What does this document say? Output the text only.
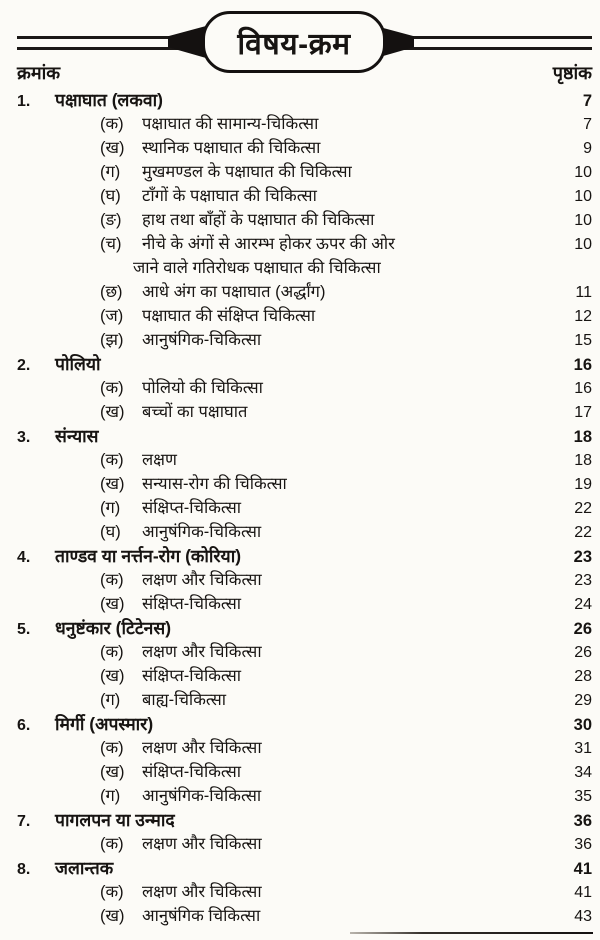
विषय-क्रम
क्रमांक	पृष्ठांक
1.	पक्षाघात (लकवा)	7
(क)	पक्षाघात की सामान्य-चिकित्सा	7
(ख)	स्थानिक पक्षाघात की चिकित्सा	9
(ग)	मुखमण्डल के पक्षाघात की चिकित्सा	10
(घ)	टाँगों के पक्षाघात की चिकित्सा	10
(ङ)	हाथ तथा बाँहों के पक्षाघात की चिकित्सा	10
(च)	नीचे के अंगों से आरम्भ होकर ऊपर की ओर	10
जाने वाले गतिरोधक पक्षाघात की चिकित्सा
(छ)	आधे अंग का पक्षाघात (अर्द्धांग)	11
(ज)	पक्षाघात की संक्षिप्त चिकित्सा	12
(झ)	आनुषंगिक-चिकित्सा	15
2.	पोलियो	16
(क)	पोलियो की चिकित्सा	16
(ख)	बच्चों का पक्षाघात	17
3.	संन्यास	18
(क)	लक्षण	18
(ख)	सन्यास-रोग की चिकित्सा	19
(ग)	संक्षिप्त-चिकित्सा	22
(घ)	आनुषंगिक-चिकित्सा	22
4.	ताण्डव या नर्त्तन-रोग (कोरिया)	23
(क)	लक्षण और चिकित्सा	23
(ख)	संक्षिप्त-चिकित्सा	24
5.	धनुष्टंकार (टिटेनस)	26
(क)	लक्षण और चिकित्सा	26
(ख)	संक्षिप्त-चिकित्सा	28
(ग)	बाह्य-चिकित्सा	29
6.	मिर्गी (अपस्मार)	30
(क)	लक्षण और चिकित्सा	31
(ख)	संक्षिप्त-चिकित्सा	34
(ग)	आनुषंगिक-चिकित्सा	35
7.	पागलपन या उन्माद	36
(क)	लक्षण और चिकित्सा	36
8.	जलान्तक	41
(क)	लक्षण और चिकित्सा	41
(ख)	आनुषंगिक चिकित्सा	43
